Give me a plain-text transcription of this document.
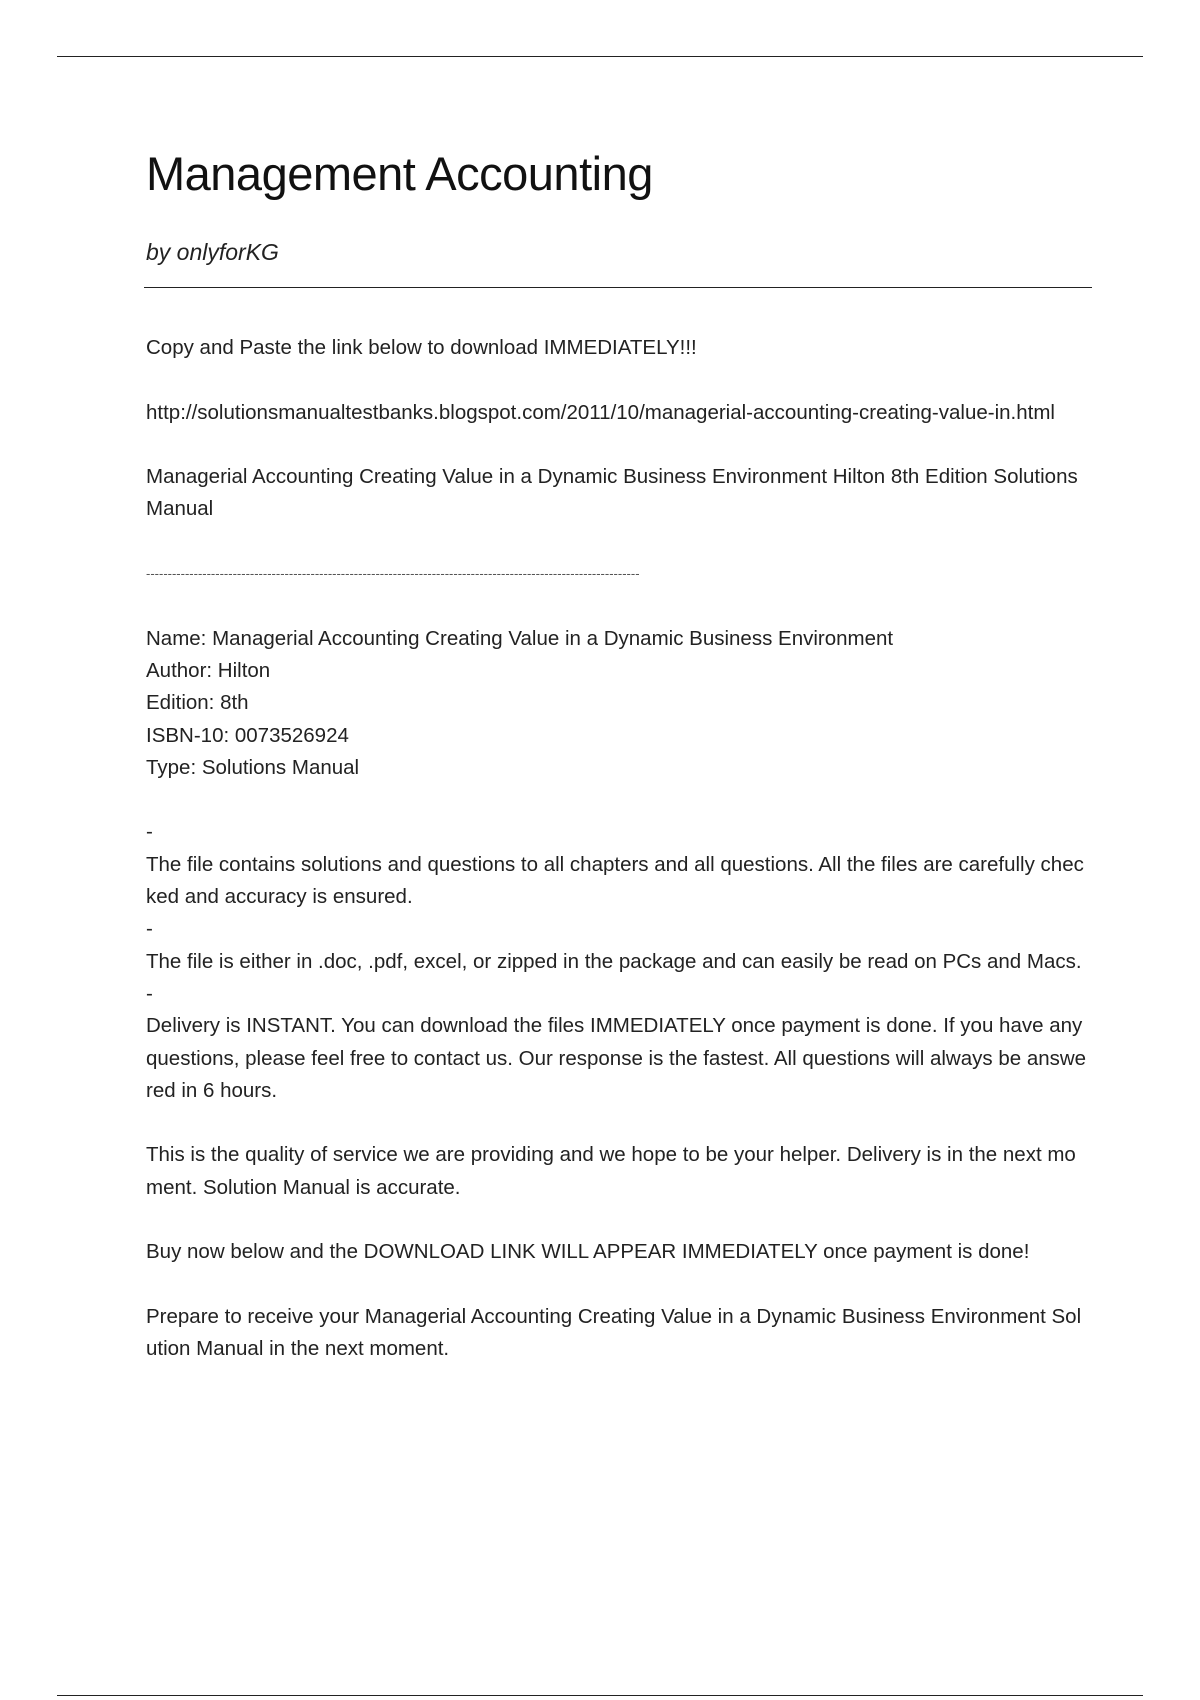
Management Accounting

by onlyforKG

Copy and Paste the link below to download IMMEDIATELY!!!

http://solutionsmanualtestbanks.blogspot.com/2011/10/managerial-accounting-creating-value-in.html

Managerial Accounting Creating Value in a Dynamic Business Environment Hilton 8th Edition Solutions Manual

------------------------------------------------------------------------------------------------------------------

Name: Managerial Accounting Creating Value in a Dynamic Business Environment
Author: Hilton
Edition: 8th
ISBN-10: 0073526924
Type: Solutions Manual

-
The file contains solutions and questions to all chapters and all questions. All the files are carefully checked and accuracy is ensured.
-
The file is either in .doc, .pdf, excel, or zipped in the package and can easily be read on PCs and Macs. -
Delivery is INSTANT. You can download the files IMMEDIATELY once payment is done. If you have any questions, please feel free to contact us. Our response is the fastest. All questions will always be answered in 6 hours.

This is the quality of service we are providing and we hope to be your helper. Delivery is in the next moment. Solution Manual is accurate.

Buy now below and the DOWNLOAD LINK WILL APPEAR IMMEDIATELY once payment is done!

Prepare to receive your Managerial Accounting Creating Value in a Dynamic Business Environment Solution Manual in the next moment.
